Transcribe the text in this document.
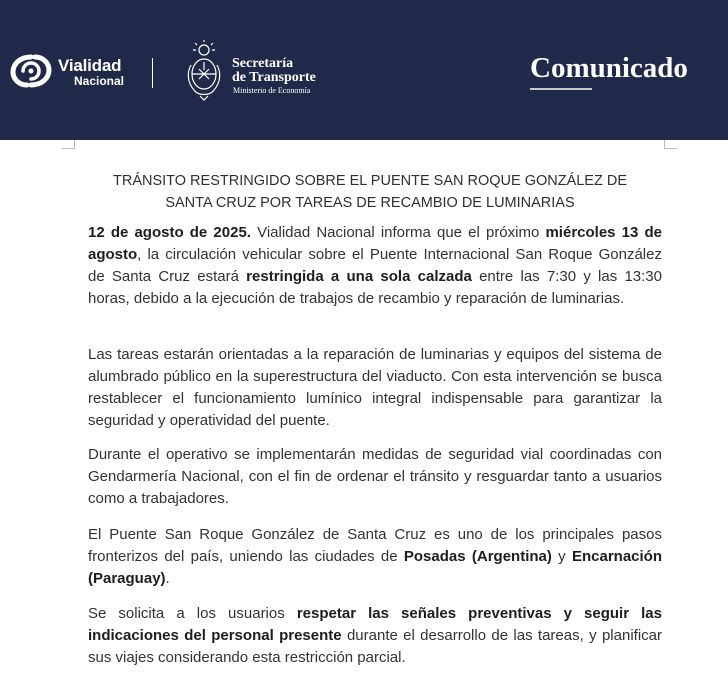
Vialidad
Nacional
Secretaría
de Transporte
Ministerio de Economía
Comunicado
TRÁNSITO RESTRINGIDO SOBRE EL PUENTE SAN ROQUE GONZÁLEZ DE
SANTA CRUZ POR TAREAS DE RECAMBIO DE LUMINARIAS
12 de agosto de 2025. Vialidad Nacional informa que el próximo miércoles 13 de agosto, la circulación vehicular sobre el Puente Internacional San Roque González de Santa Cruz estará restringida a una sola calzada entre las 7:30 y las 13:30 horas, debido a la ejecución de trabajos de recambio y reparación de luminarias.
Las tareas estarán orientadas a la reparación de luminarias y equipos del sistema de alumbrado público en la superestructura del viaducto. Con esta intervención se busca restablecer el funcionamiento lumínico integral indispensable para garantizar la seguridad y operatividad del puente.
Durante el operativo se implementarán medidas de seguridad vial coordinadas con Gendarmería Nacional, con el fin de ordenar el tránsito y resguardar tanto a usuarios como a trabajadores.
El Puente San Roque González de Santa Cruz es uno de los principales pasos fronterizos del país, uniendo las ciudades de Posadas (Argentina) y Encarnación (Paraguay).
Se solicita a los usuarios respetar las señales preventivas y seguir las indicaciones del personal presente durante el desarrollo de las tareas, y planificar sus viajes considerando esta restricción parcial.
